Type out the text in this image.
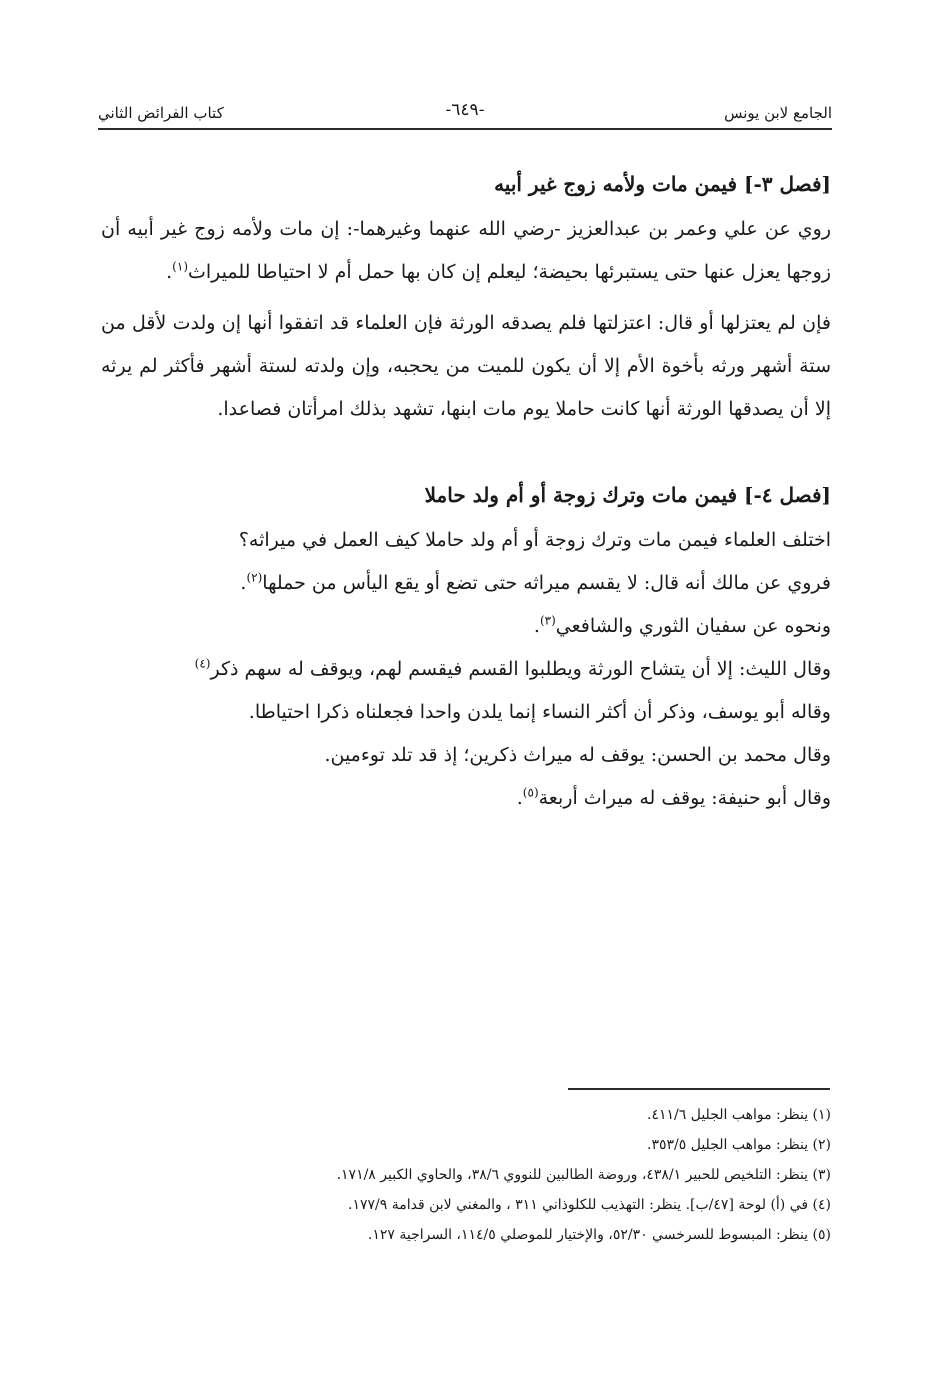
الجامع لابن يونس
-٦٤٩-
كتاب الفرائض الثاني
[فصل ٣-] فيمن مات ولأمه زوج غير أبيه

روي عن علي وعمر بن عبدالعزيز -رضي الله عنهما وغيرهما-: إن مات ولأمه زوج غير أبيه أن زوجها يعزل عنها حتى يستبرئها بحيضة؛ ليعلم إن كان بها حمل أم لا احتياطا للميراث$^{(١)}$.

فإن لم يعتزلها أو قال: اعتزلتها فلم يصدقه الورثة فإن العلماء قد اتفقوا أنها إن ولدت لأقل من ستة أشهر ورثه بأخوة الأم إلا أن يكون للميت من يحجبه، وإن ولدته لستة أشهر فأكثر لم يرثه إلا أن يصدقها الورثة أنها كانت حاملا يوم مات ابنها، تشهد بذلك امرأتان فصاعدا.

[فصل ٤-] فيمن مات وترك زوجة أو أم ولد حاملا

اختلف العلماء فيمن مات وترك زوجة أو أم ولد حاملا كيف العمل في ميراثه؟

فروي عن مالك أنه قال: لا يقسم ميراثه حتى تضع أو يقع اليأس من حملها$^{(٢)}$.

ونحوه عن سفيان الثوري والشافعي$^{(٣)}$.

وقال الليث: إلا أن يتشاح الورثة ويطلبوا القسم فيقسم لهم، ويوقف له سهم ذكر$^{(٤)}$

وقاله أبو يوسف، وذكر أن أكثر النساء إنما يلدن واحدا فجعلناه ذكرا احتياطا.

وقال محمد بن الحسن: يوقف له ميراث ذكرين؛ إذ قد تلد توءمين.

وقال أبو حنيفة: يوقف له ميراث أربعة$^{(٥)}$.

(١) ينظر: مواهب الجليل ٤١١/٦.
(٢) ينظر: مواهب الجليل ٣٥٣/٥.
(٣) ينظر: التلخيص للحبير ٤٣٨/١، وروضة الطالبين للنووي ٣٨/٦، والحاوي الكبير ١٧١/٨.
(٤) في (أ) لوحة [٤٧/ب]. ينظر: التهذيب للكلوذاني ٣١١ ، والمغني لابن قدامة ١٧٧/٩.
(٥) ينظر: المبسوط للسرخسي ٥٢/٣٠، والإختيار للموصلي ١١٤/٥، السراجية ١٢٧.
